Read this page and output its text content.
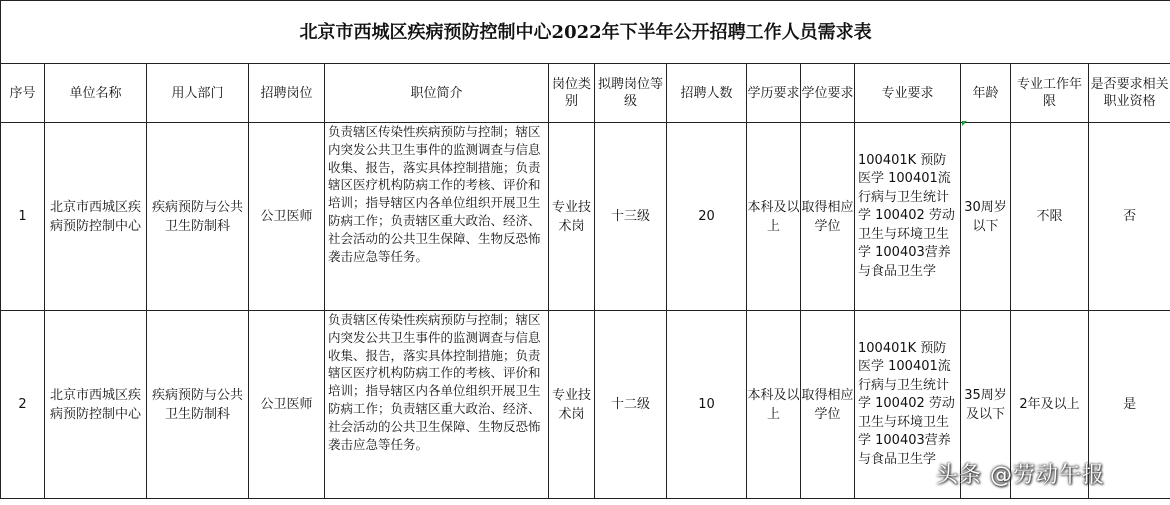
北京市西城区疾病预防控制中心2022年下半年公开招聘工作人员需求表													
序号	单位名称	用人部门	招聘岗位	职位简介	岗位类别	拟聘岗位等级	招聘人数	学历要求	学位要求	专业要求	年龄	专业工作年限	是否要求相关职业资格
1	北京市西城区疾病预防控制中心	疾病预防与公共卫生防制科	公卫医师	负责辖区传染性疾病预防与控制；辖区内突发公共卫生事件的监测调查与信息收集、报告，落实具体控制措施；负责辖区医疗机构防病工作的考核、评价和培训；指导辖区内各单位组织开展卫生防病工作；负责辖区重大政治、经济、社会活动的公共卫生保障、生物反恐怖袭击应急等任务。	专业技术岗	十三级	20	本科及以上	取得相应学位	100401K 预防医学 100401流行病与卫生统计学 100402 劳动卫生与环境卫生学 100403营养与食品卫生学	30周岁以下	不限	否
2	北京市西城区疾病预防控制中心	疾病预防与公共卫生防制科	公卫医师	负责辖区传染性疾病预防与控制；辖区内突发公共卫生事件的监测调查与信息收集、报告，落实具体控制措施；负责辖区医疗机构防病工作的考核、评价和培训；指导辖区内各单位组织开展卫生防病工作；负责辖区重大政治、经济、社会活动的公共卫生保障、生物反恐怖袭击应急等任务。	专业技术岗	十二级	10	本科及以上	取得相应学位	100401K 预防医学 100401流行病与卫生统计学 100402 劳动卫生与环境卫生学 100403营养与食品卫生学	35周岁及以下	2年及以上	是
头条 @劳动午报
